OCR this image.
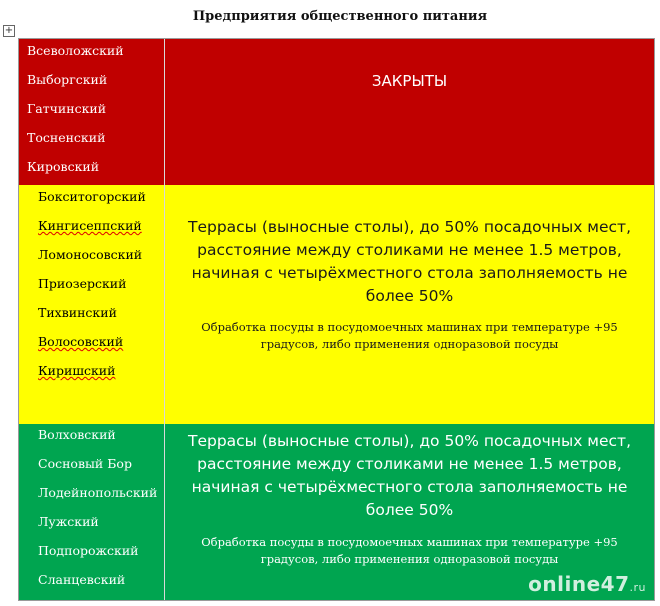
Предприятия общественного питания
+
Всеволожский
Выборгский
Гатчинский
Тосненский
Кировский
ЗАКРЫТЫ
Бокситогорский
Кингисеппский
Ломоносовский
Приозерский
Тихвинский
Волосовский
Киришский
Террасы (выносные столы), до 50% посадочных мест, расстояние между столиками не менее 1.5 метров, начиная с четырёхместного стола заполняемость не более 50%
Обработка посуды в посудомоечных машинах при температуре +95 градусов, либо применения одноразовой посуды
Волховский
Сосновый Бор
Лодейнопольский
Лужский
Подпорожский
Сланцевский
Террасы (выносные столы), до 50% посадочных мест, расстояние между столиками не менее 1.5 метров, начиная с четырёхместного стола заполняемость не более 50%
Обработка посуды в посудомоечных машинах при температуре +95 градусов, либо применения одноразовой посуды
online47.ru
